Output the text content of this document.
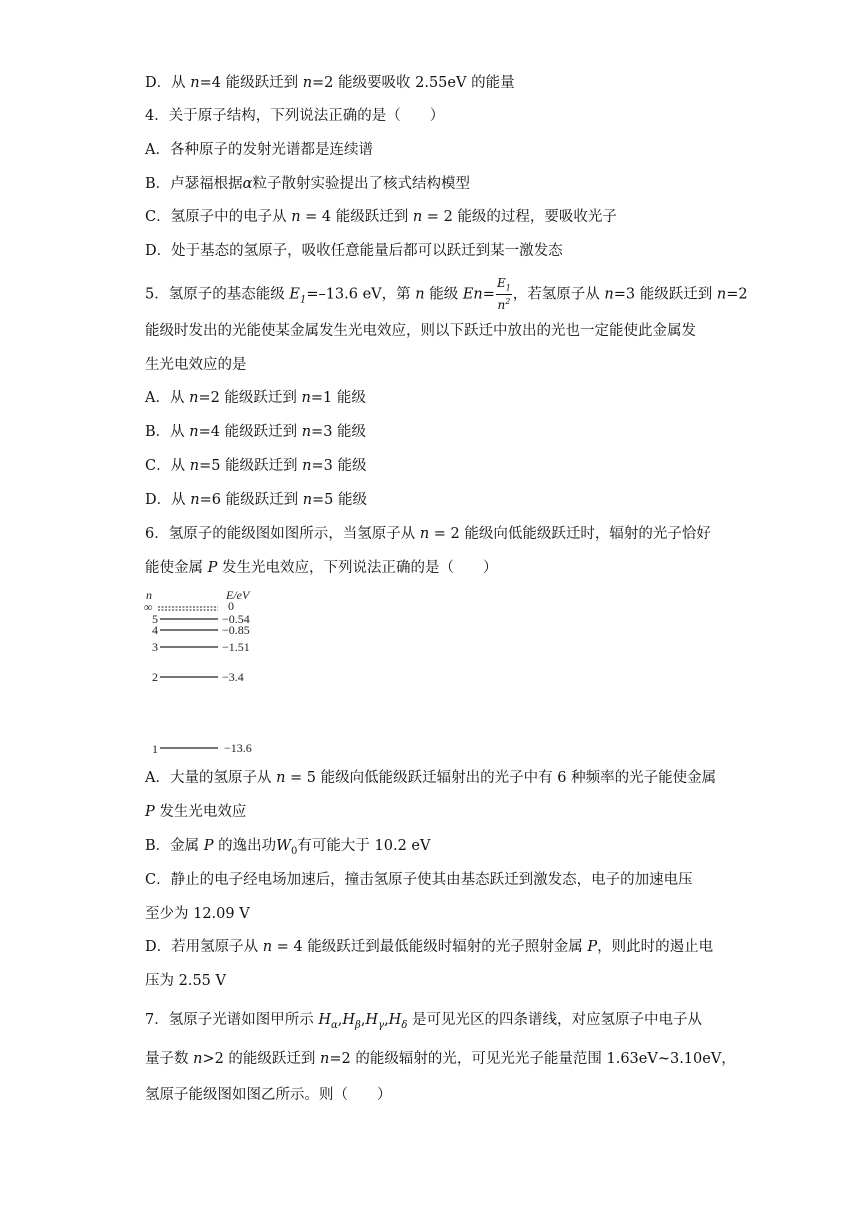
D．从 n=4 能级跃迁到 n=2 能级要吸收 2.55eV 的能量
4．关于原子结构，下列说法正确的是（　　）
A．各种原子的发射光谱都是连续谱
B．卢瑟福根据α粒子散射实验提出了核式结构模型
C．氢原子中的电子从 n = 4 能级跃迁到 n = 2 能级的过程，要吸收光子
D．处于基态的氢原子，吸收任意能量后都可以跃迁到某一激发态
5．氢原子的基态能级 $E_1=-13.6$ eV，第 n 能级 $En= \frac{E_1}{n^2}$ ，若氢原子从 n=3 能级跃迁到 n=2
能级时发出的光能使某金属发生光电效应，则以下跃迁中放出的光也一定能使此金属发
生光电效应的是
A．从 n=2 能级跃迁到 n=1 能级
B．从 n=4 能级跃迁到 n=3 能级
C．从 n=5 能级跃迁到 n=3 能级
D．从 n=6 能级跃迁到 n=5 能级
6．氢原子的能级图如图所示，当氢原子从 n = 2 能级向低能级跃迁时，辐射的光子恰好
能使金属 P 发生光电效应，下列说法正确的是（　　）
n	E/eV
∞	0
5	−0.54
4	−0.85
3	−1.51
2	−3.4
1	−13.6
A．大量的氢原子从 n = 5 能级向低能级跃迁辐射出的光子中有 6 种频率的光子能使金属
P 发生光电效应
B．金属 P 的逸出功$W_0$有可能大于 10.2 eV
C．静止的电子经电场加速后，撞击氢原子使其由基态跃迁到激发态，电子的加速电压
至少为 12.09 V
D．若用氢原子从 n = 4 能级跃迁到最低能级时辐射的光子照射金属 P，则此时的遏止电
压为 2.55 V
7．氢原子光谱如图甲所示 $H_\alpha,H_\beta,H_\gamma,H_\delta$ 是可见光区的四条谱线，对应氢原子中电子从
量子数 n>2 的能级跃迁到 n=2 的能级辐射的光，可见光光子能量范围 1.63eV~3.10eV，
氢原子能级图如图乙所示。则（　　）
